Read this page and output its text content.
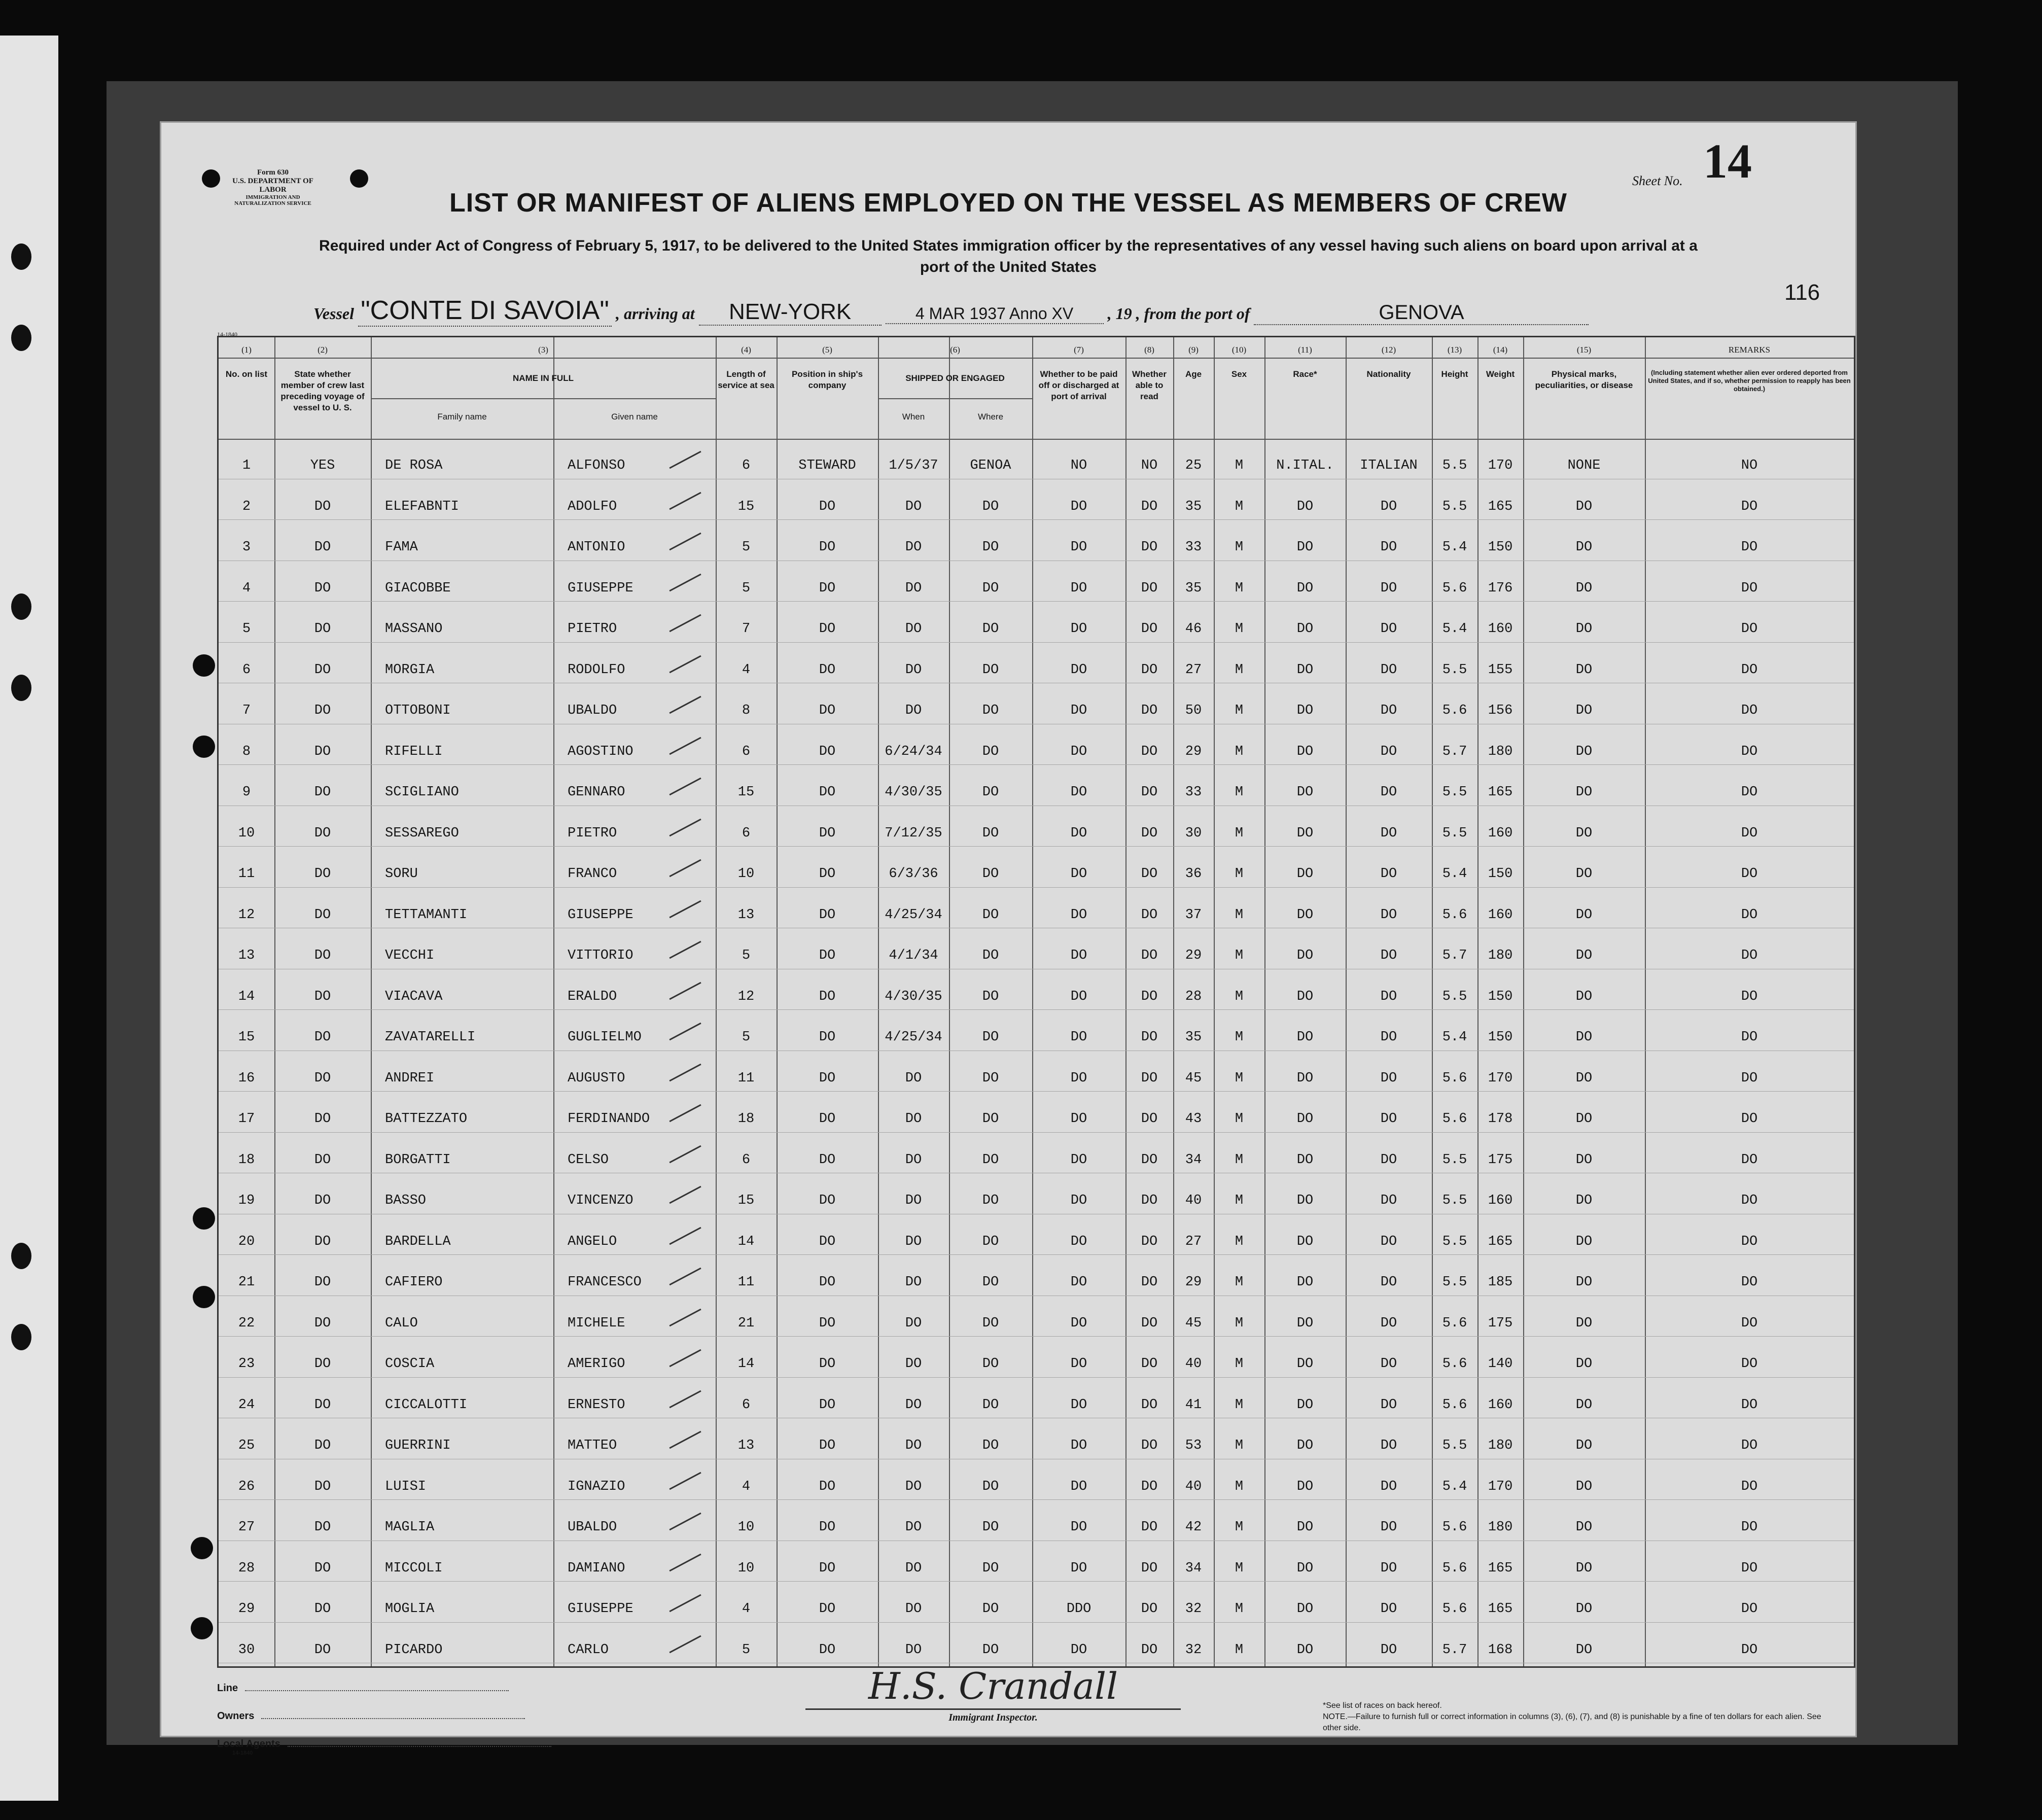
Form 630
U.S. DEPARTMENT OF LABOR
IMMIGRATION AND NATURALIZATION SERVICE	LIST OR MANIFEST OF ALIENS EMPLOYED ON THE VESSEL AS MEMBERS OF CREW
Required under Act of Congress of February 5, 1917, to be delivered to the United States immigration officer by the representatives of any vessel having such aliens on board upon arrival at a
port of the United States
Sheet No. 14
116
Vessel "CONTE DI SAVOIA" , arriving at NEW-YORK	4 MAR 1937 Anno XV , 19 , from the port of	GENOVA
14-1840
(1)
No. on list
(2)
State whether member of crew last preceding voyage of vessel to U. S.
(3)
NAME IN FULL
Family name	Given name
(4)
Length of service at sea
(5)
Position in ship's company
(6)
SHIPPED OR ENGAGED
When	Where
(7)
Whether to be paid off or discharged at port of arrival
(8)
Whether able to read
(9)
Age
(10)
Sex
(11)
Race*
(12)
Nationality
(13)
Height
(14)
Weight
(15)
Physical marks, peculiarities, or disease
REMARKS
(Including statement whether alien ever ordered deported from United States, and if so, whether permission to reapply has been obtained.)
1	YES	DE ROSA	ALFONSO	6	STEWARD	1/5/37	GENOA	NO	NO	25	M	N.ITAL.	ITALIAN	5.5	170	NONE	NO
2	DO	ELEFABNTI	ADOLFO	15	DO	DO	DO	DO	DO	35	M	DO	DO	5.5	165	DO	DO
3	DO	FAMA	ANTONIO	5	DO	DO	DO	DO	DO	33	M	DO	DO	5.4	150	DO	DO
4	DO	GIACOBBE	GIUSEPPE	5	DO	DO	DO	DO	DO	35	M	DO	DO	5.6	176	DO	DO
5	DO	MASSANO	PIETRO	7	DO	DO	DO	DO	DO	46	M	DO	DO	5.4	160	DO	DO
6	DO	MORGIA	RODOLFO	4	DO	DO	DO	DO	DO	27	M	DO	DO	5.5	155	DO	DO
7	DO	OTTOBONI	UBALDO	8	DO	DO	DO	DO	DO	50	M	DO	DO	5.6	156	DO	DO
8	DO	RIFELLI	AGOSTINO	6	DO	6/24/34	DO	DO	DO	29	M	DO	DO	5.7	180	DO	DO
9	DO	SCIGLIANO	GENNARO	15	DO	4/30/35	DO	DO	DO	33	M	DO	DO	5.5	165	DO	DO
10	DO	SESSAREGO	PIETRO	6	DO	7/12/35	DO	DO	DO	30	M	DO	DO	5.5	160	DO	DO
11	DO	SORU	FRANCO	10	DO	6/3/36	DO	DO	DO	36	M	DO	DO	5.4	150	DO	DO
12	DO	TETTAMANTI	GIUSEPPE	13	DO	4/25/34	DO	DO	DO	37	M	DO	DO	5.6	160	DO	DO
13	DO	VECCHI	VITTORIO	5	DO	4/1/34	DO	DO	DO	29	M	DO	DO	5.7	180	DO	DO
14	DO	VIACAVA	ERALDO	12	DO	4/30/35	DO	DO	DO	28	M	DO	DO	5.5	150	DO	DO
15	DO	ZAVATARELLI	GUGLIELMO	5	DO	4/25/34	DO	DO	DO	35	M	DO	DO	5.4	150	DO	DO
16	DO	ANDREI	AUGUSTO	11	DO	DO	DO	DO	DO	45	M	DO	DO	5.6	170	DO	DO
17	DO	BATTEZZATO	FERDINANDO	18	DO	DO	DO	DO	DO	43	M	DO	DO	5.6	178	DO	DO
18	DO	BORGATTI	CELSO	6	DO	DO	DO	DO	DO	34	M	DO	DO	5.5	175	DO	DO
19	DO	BASSO	VINCENZO	15	DO	DO	DO	DO	DO	40	M	DO	DO	5.5	160	DO	DO
20	DO	BARDELLA	ANGELO	14	DO	DO	DO	DO	DO	27	M	DO	DO	5.5	165	DO	DO
21	DO	CAFIERO	FRANCESCO	11	DO	DO	DO	DO	DO	29	M	DO	DO	5.5	185	DO	DO
22	DO	CALO	MICHELE	21	DO	DO	DO	DO	DO	45	M	DO	DO	5.6	175	DO	DO
23	DO	COSCIA	AMERIGO	14	DO	DO	DO	DO	DO	40	M	DO	DO	5.6	140	DO	DO
24	DO	CICCALOTTI	ERNESTO	6	DO	DO	DO	DO	DO	41	M	DO	DO	5.6	160	DO	DO
25	DO	GUERRINI	MATTEO	13	DO	DO	DO	DO	DO	53	M	DO	DO	5.5	180	DO	DO
26	DO	LUISI	IGNAZIO	4	DO	DO	DO	DO	DO	40	M	DO	DO	5.4	170	DO	DO
27	DO	MAGLIA	UBALDO	10	DO	DO	DO	DO	DO	42	M	DO	DO	5.6	180	DO	DO
28	DO	MICCOLI	DAMIANO	10	DO	DO	DO	DO	DO	34	M	DO	DO	5.6	165	DO	DO
29	DO	MOGLIA	GIUSEPPE	4	DO	DO	DO	DDO	DO	32	M	DO	DO	5.6	165	DO	DO
30	DO	PICARDO	CARLO	5	DO	DO	DO	DO	DO	32	M	DO	DO	5.7	168	DO	DO
Line
Owners
Local Agents
14-1840
H.S. Crandall
Immigrant Inspector.
*See list of races on back hereof.
NOTE.—Failure to furnish full or correct information in columns (3), (6), (7), and (8) is punishable by a fine of ten dollars for each alien. See other side.
